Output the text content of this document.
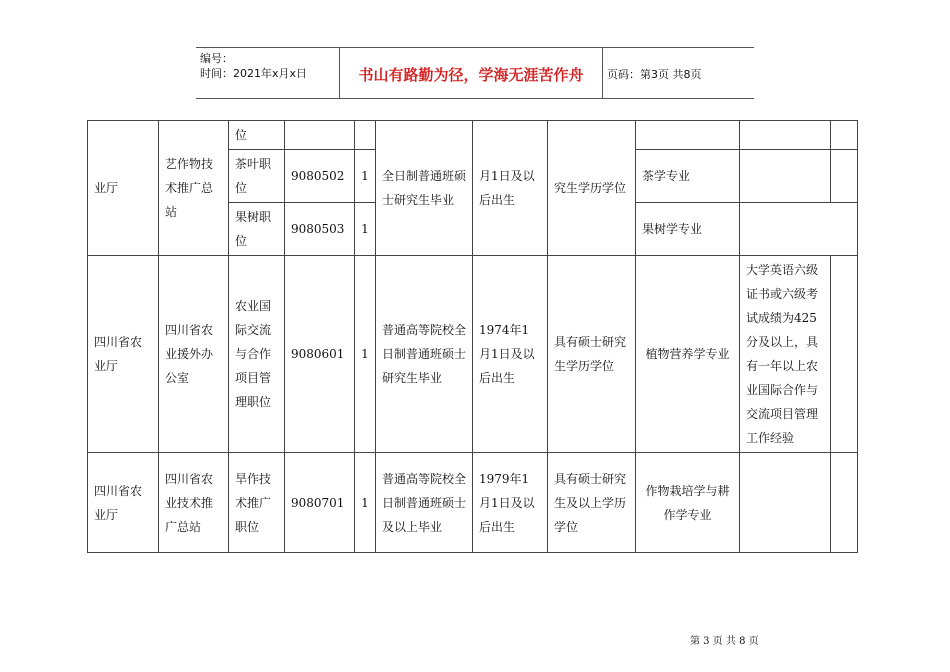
编号：
时间：2021年x月x日	书山有路勤为径，学海无涯苦作舟	页码：第3页 共8页
业厅	艺作物技术推广总站	位			全日制普通班硕士研究生毕业	月1日及以后出生	究生学历学位			
		茶叶职位	9080502	1				茶学专业		
		果树职位	9080503	1				果树学专业		
四川省农业厅	四川省农业援外办公室	农业国际交流与合作项目管理职位	9080601	1	普通高等院校全日制普通班硕士研究生毕业	1974年1月1日及以后出生	具有硕士研究生学历学位	植物营养学专业	大学英语六级证书或六级考试成绩为425分及以上，具有一年以上农业国际合作与交流项目管理工作经验	
四川省农业厅	四川省农业技术推广总站	旱作技术推广职位	9080701	1	普通高等院校全日制普通班硕士及以上毕业	1979年1月1日及以后出生	具有硕士研究生及以上学历学位	作物栽培学与耕作学专业		
第 3 页 共 8 页
